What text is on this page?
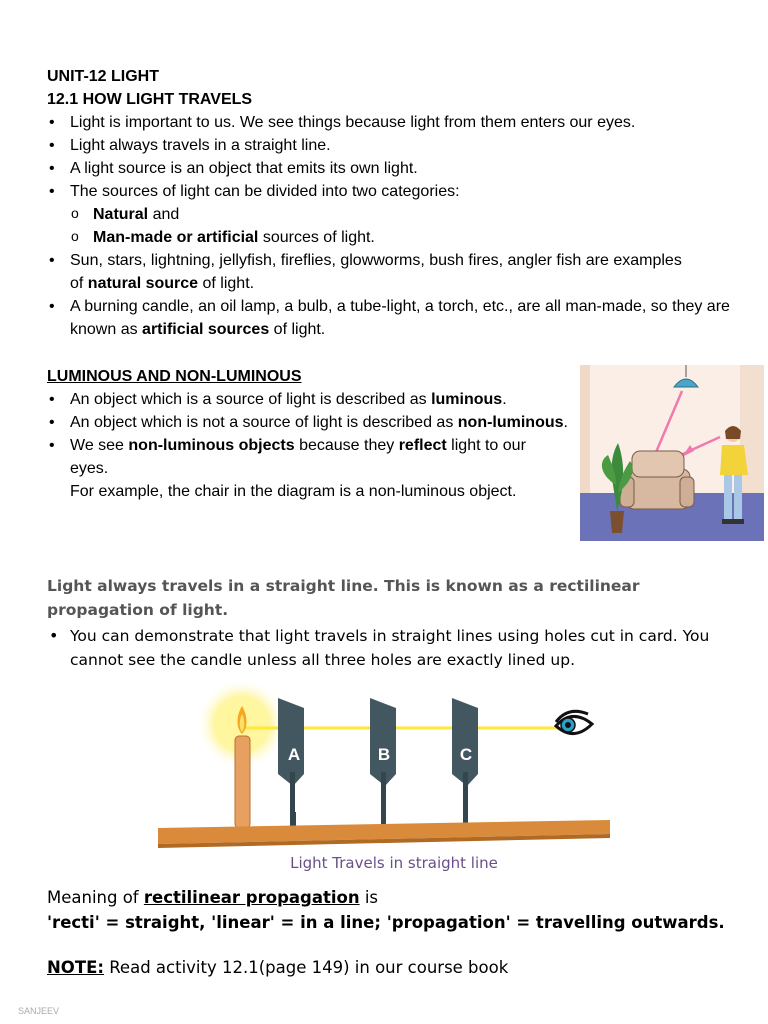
UNIT-12 LIGHT
12.1 HOW LIGHT TRAVELS
• Light is important to us. We see things because light from them enters our eyes.
• Light always travels in a straight line.
• A light source is an object that emits its own light.
• The sources of light can be divided into two categories:
o Natural and
o Man-made or artificial sources of light.
• Sun, stars, lightning, jellyfish, fireflies, glowworms, bush fires, angler fish are examples of natural source of light.
• A burning candle, an oil lamp, a bulb, a tube-light, a torch, etc., are all man-made, so they are known as artificial sources of light.
LUMINOUS AND NON-LUMINOUS
• An object which is a source of light is described as luminous.
• An object which is not a source of light is described as non-luminous.
• We see non-luminous objects because they reflect light to our eyes.
For example, the chair in the diagram is a non-luminous object.
Light always travels in a straight line. This is known as a rectilinear propagation of light.
• You can demonstrate that light travels in straight lines using holes cut in card. You cannot see the candle unless all three holes are exactly lined up.
A	B	C
Light Travels in straight line
Meaning of rectilinear propagation is
'recti' = straight, 'linear' = in a line; 'propagation' = travelling outwards.
NOTE: Read activity 12.1(page 149) in our course book
SANJEEV
